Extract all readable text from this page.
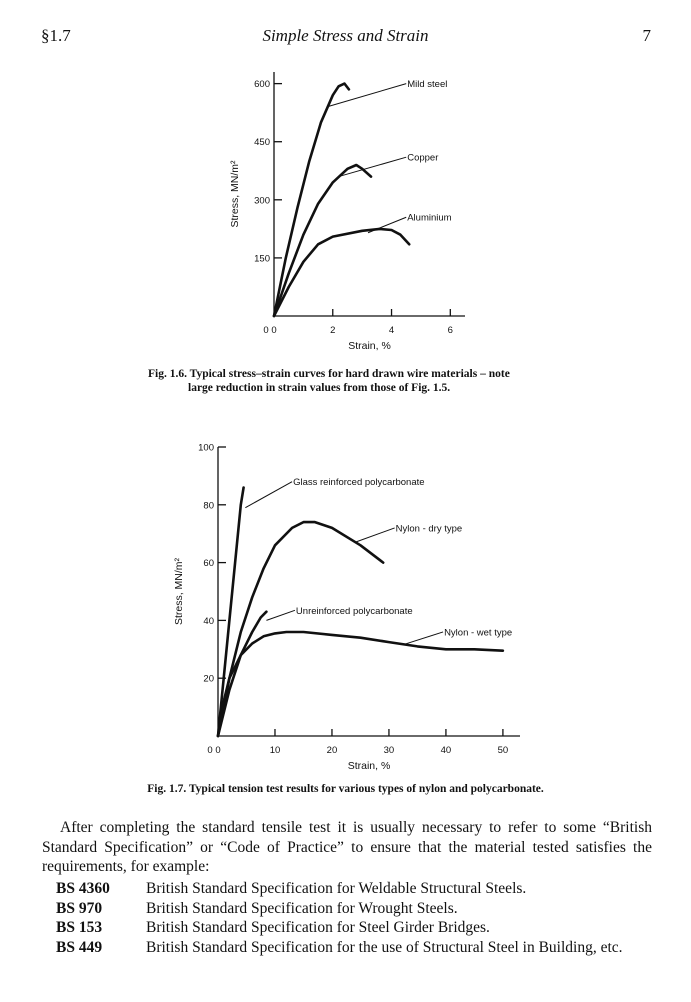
§1.7	Simple Stress and Strain	7
0	2	4	6
150
300
450
600
0
Strain, %
Stress, MN/m²
Mild steel
Copper
Aluminium
Fig. 1.6. Typical stress–strain curves for hard drawn wire materials – note
large reduction in strain values from those of Fig. 1.5.
0	10	20	30	40	50
20
40
60
80
100
0
Strain, %
Stress, MN/m²
Glass reinforced polycarbonate
Nylon - dry type
Unreinforced polycarbonate
Nylon - wet type
Fig. 1.7. Typical tension test results for various types of nylon and polycarbonate.
After completing the standard tensile test it is usually necessary to refer to some “British Standard Specification” or “Code of Practice” to ensure that the material tested satisfies the requirements, for example:
BS 4360	British Standard Specification for Weldable Structural Steels.
BS 970	British Standard Specification for Wrought Steels.
BS 153	British Standard Specification for Steel Girder Bridges.
BS 449	British Standard Specification for the use of Structural Steel in Building, etc.
